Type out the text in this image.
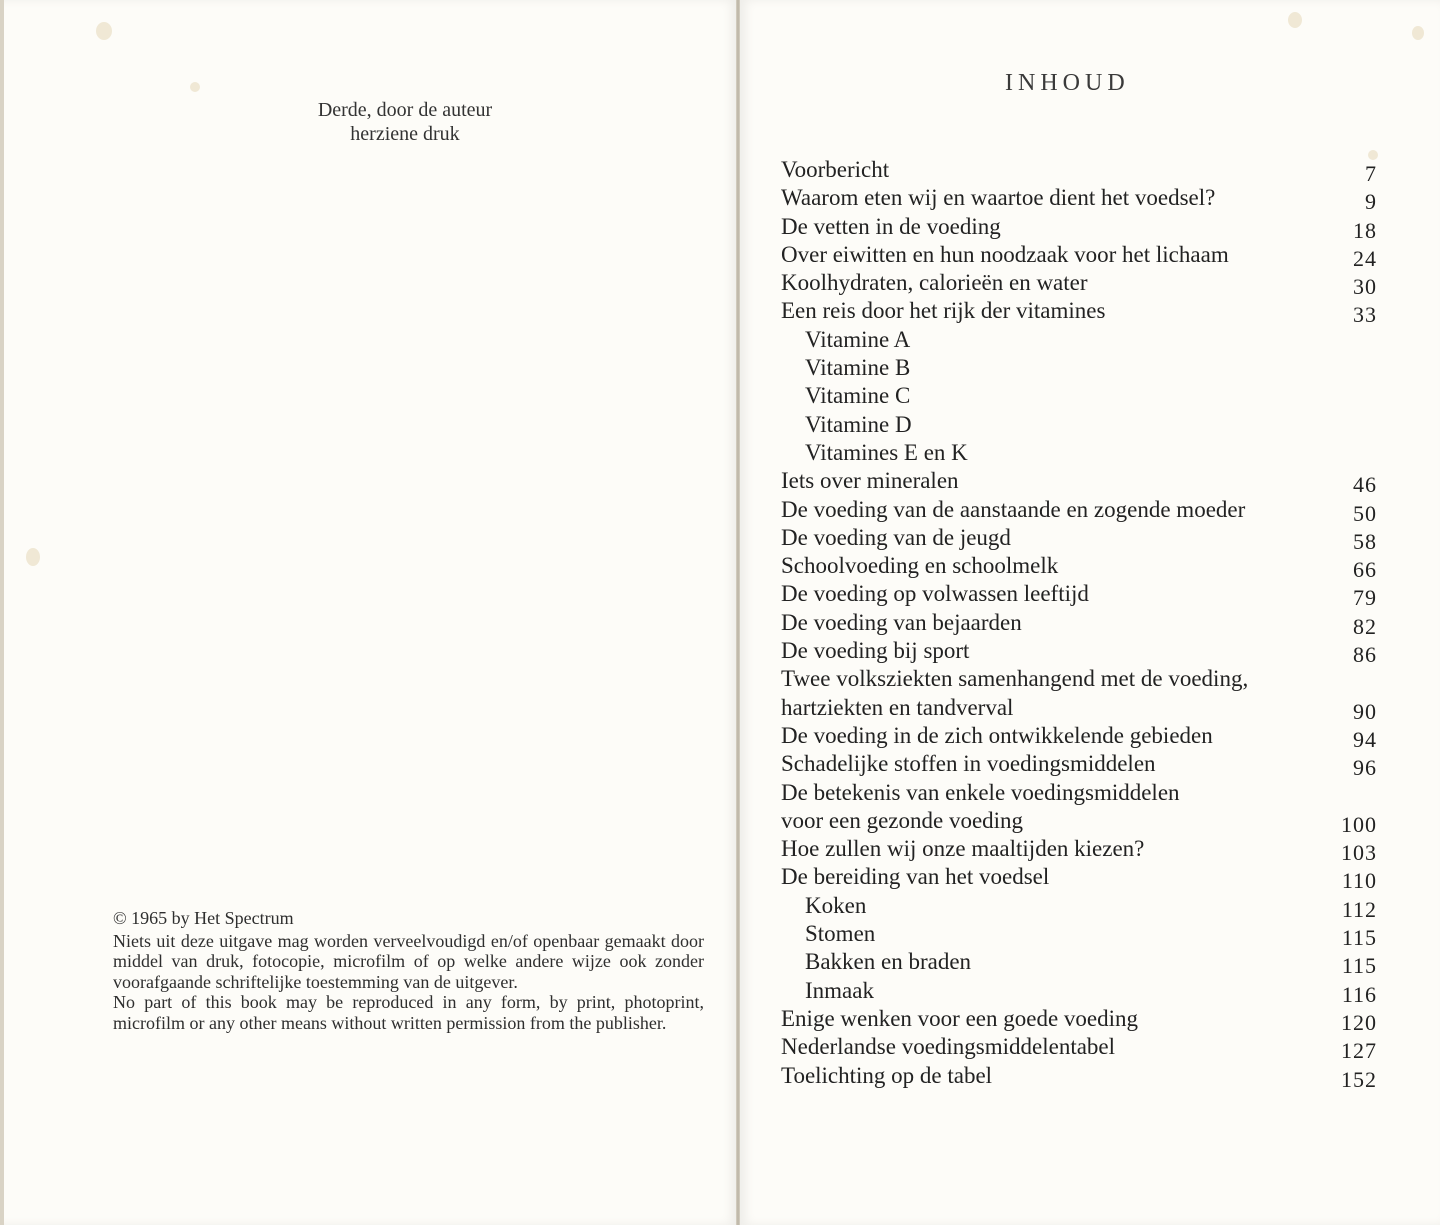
Derde, door de auteur
herziene druk

© 1965 by Het Spectrum

Niets uit deze uitgave mag worden verveelvoudigd en/of openbaar gemaakt door middel van druk, fotocopie, microfilm of op welke andere wijze ook zonder voorafgaande schriftelijke toestemming van de uitgever.

No part of this book may be reproduced in any form, by print, photoprint, microfilm or any other means without written permission from the publisher.

INHOUD
Voorbericht	7
Waarom eten wij en waartoe dient het voedsel?	9
De vetten in de voeding	18
Over eiwitten en hun noodzaak voor het lichaam	24
Koolhydraten, calorieën en water	30
Een reis door het rijk der vitamines	33
Vitamine A
Vitamine B
Vitamine C
Vitamine D
Vitamines E en K
Iets over mineralen	46
De voeding van de aanstaande en zogende moeder	50
De voeding van de jeugd	58
Schoolvoeding en schoolmelk	66
De voeding op volwassen leeftijd	79
De voeding van bejaarden	82
De voeding bij sport	86
Twee volksziekten samenhangend met de voeding,
hartziekten en tandverval	90
De voeding in de zich ontwikkelende gebieden	94
Schadelijke stoffen in voedingsmiddelen	96
De betekenis van enkele voedingsmiddelen
voor een gezonde voeding	100
Hoe zullen wij onze maaltijden kiezen?	103
De bereiding van het voedsel	110
Koken	112
Stomen	115
Bakken en braden	115
Inmaak	116
Enige wenken voor een goede voeding	120
Nederlandse voedingsmiddelentabel	127
Toelichting op de tabel	152
